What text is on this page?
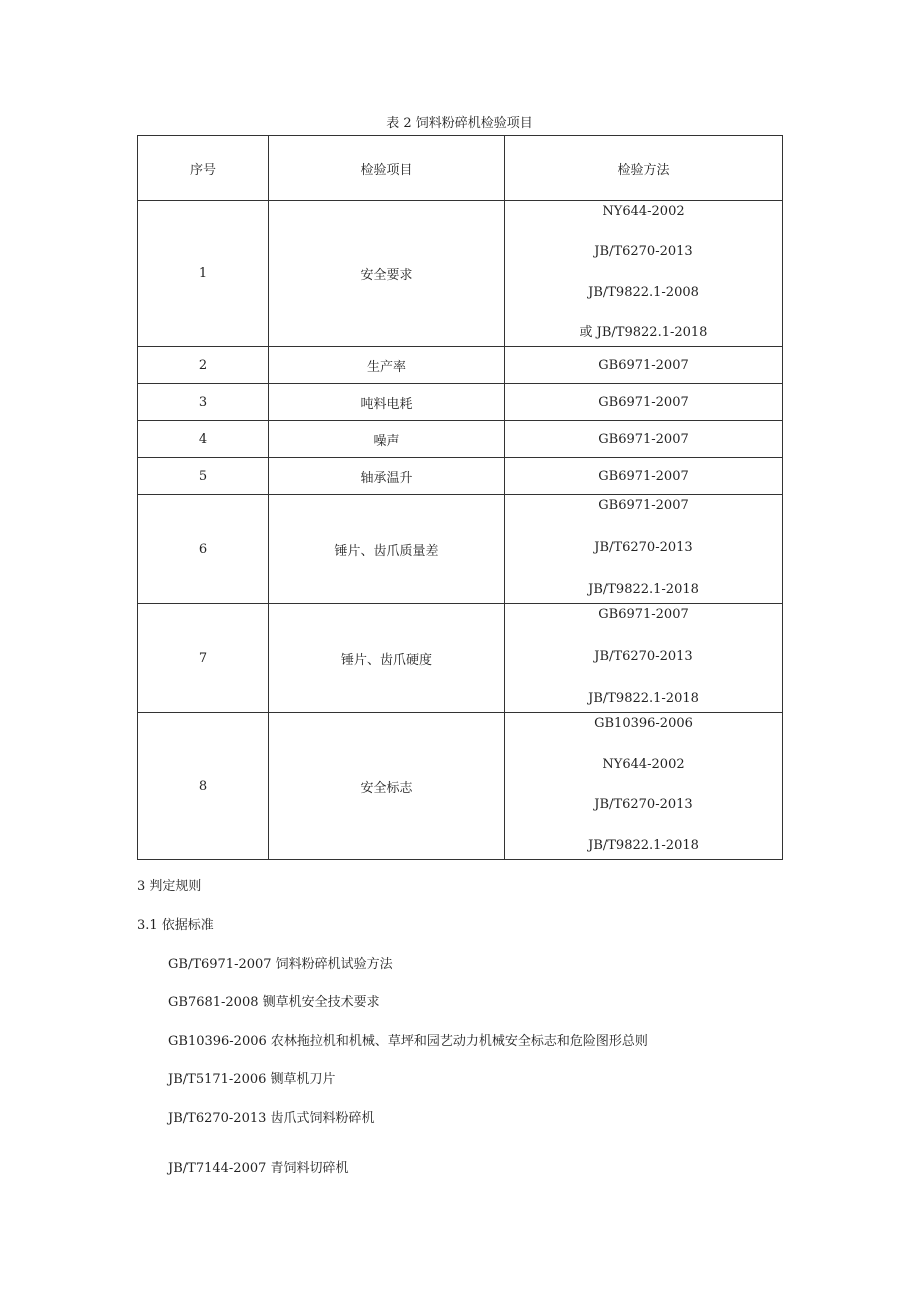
表 2 饲料粉碎机检验项目
序号	检验项目	检验方法
1	安全要求	NY644-2002
JB/T6270-2013
JB/T9822.1-2008
或 JB/T9822.1-2018

2	生产率	GB6971-2007
3	吨料电耗	GB6971-2007
4	噪声	GB6971-2007
5	轴承温升	GB6971-2007
6	锤片、齿爪质量差	GB6971-2007
JB/T6270-2013
JB/T9822.1-2018

7	锤片、齿爪硬度	GB6971-2007
JB/T6270-2013
JB/T9822.1-2018

8	安全标志	GB10396-2006
NY644-2002
JB/T6270-2013
JB/T9822.1-2018
3 判定规则
3.1 依据标准
GB/T6971-2007 饲料粉碎机试验方法
GB7681-2008 铡草机安全技术要求
GB10396-2006 农林拖拉机和机械、草坪和园艺动力机械安全标志和危险图形总则
JB/T5171-2006 铡草机刀片
JB/T6270-2013 齿爪式饲料粉碎机
JB/T7144-2007 青饲料切碎机
